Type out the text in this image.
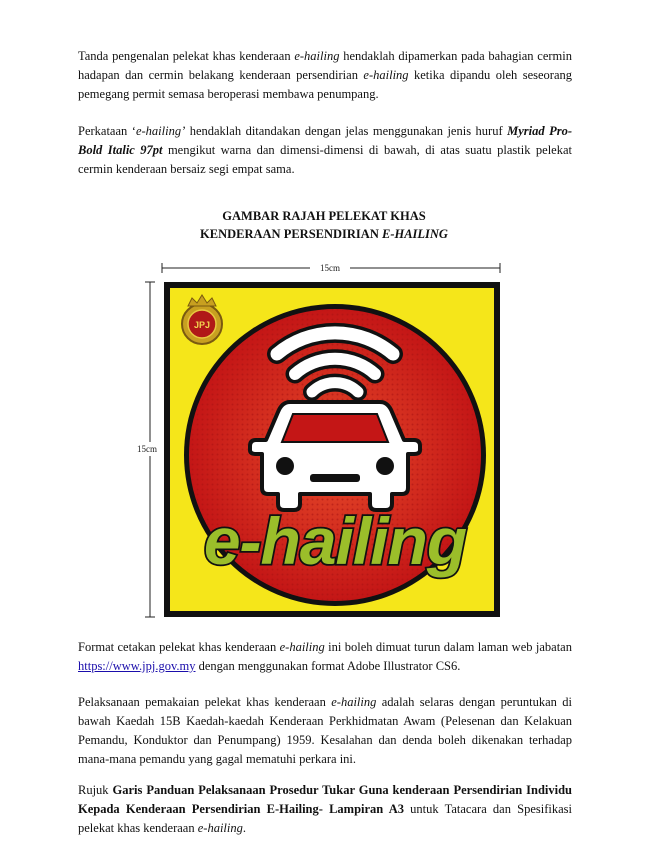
Tanda pengenalan pelekat khas kenderaan e-hailing hendaklah dipamerkan pada bahagian cermin hadapan dan cermin belakang kenderaan persendirian e-hailing ketika dipandu oleh seseorang pemegang permit semasa beroperasi membawa penumpang.

Perkataan ‘e-hailing’ hendaklah ditandakan dengan jelas menggunakan jenis huruf Myriad Pro-Bold Italic 97pt mengikut warna dan dimensi-dimensi di bawah, di atas suatu plastik pelekat cermin kenderaan bersaiz segi empat sama.

GAMBAR RAJAH PELEKAT KHAS
KENDERAAN PERSENDIRIAN E-HAILING
15cm
15cm
JPJ
e-hailing

Format cetakan pelekat khas kenderaan e-hailing ini boleh dimuat turun dalam laman web jabatan https://www.jpj.gov.my dengan menggunakan format Adobe Illustrator CS6.

Pelaksanaan pemakaian pelekat khas kenderaan e-hailing adalah selaras dengan peruntukan di bawah Kaedah 15B Kaedah-kaedah Kenderaan Perkhidmatan Awam (Pelesenan dan Kelakuan Pemandu, Konduktor dan Penumpang) 1959. Kesalahan dan denda boleh dikenakan terhadap mana-mana pemandu yang gagal mematuhi perkara ini.

Rujuk Garis Panduan Pelaksanaan Prosedur Tukar Guna kenderaan Persendirian Individu Kepada Kenderaan Persendirian E-Hailing- Lampiran A3 untuk Tatacara dan Spesifikasi pelekat khas kenderaan e-hailing.
